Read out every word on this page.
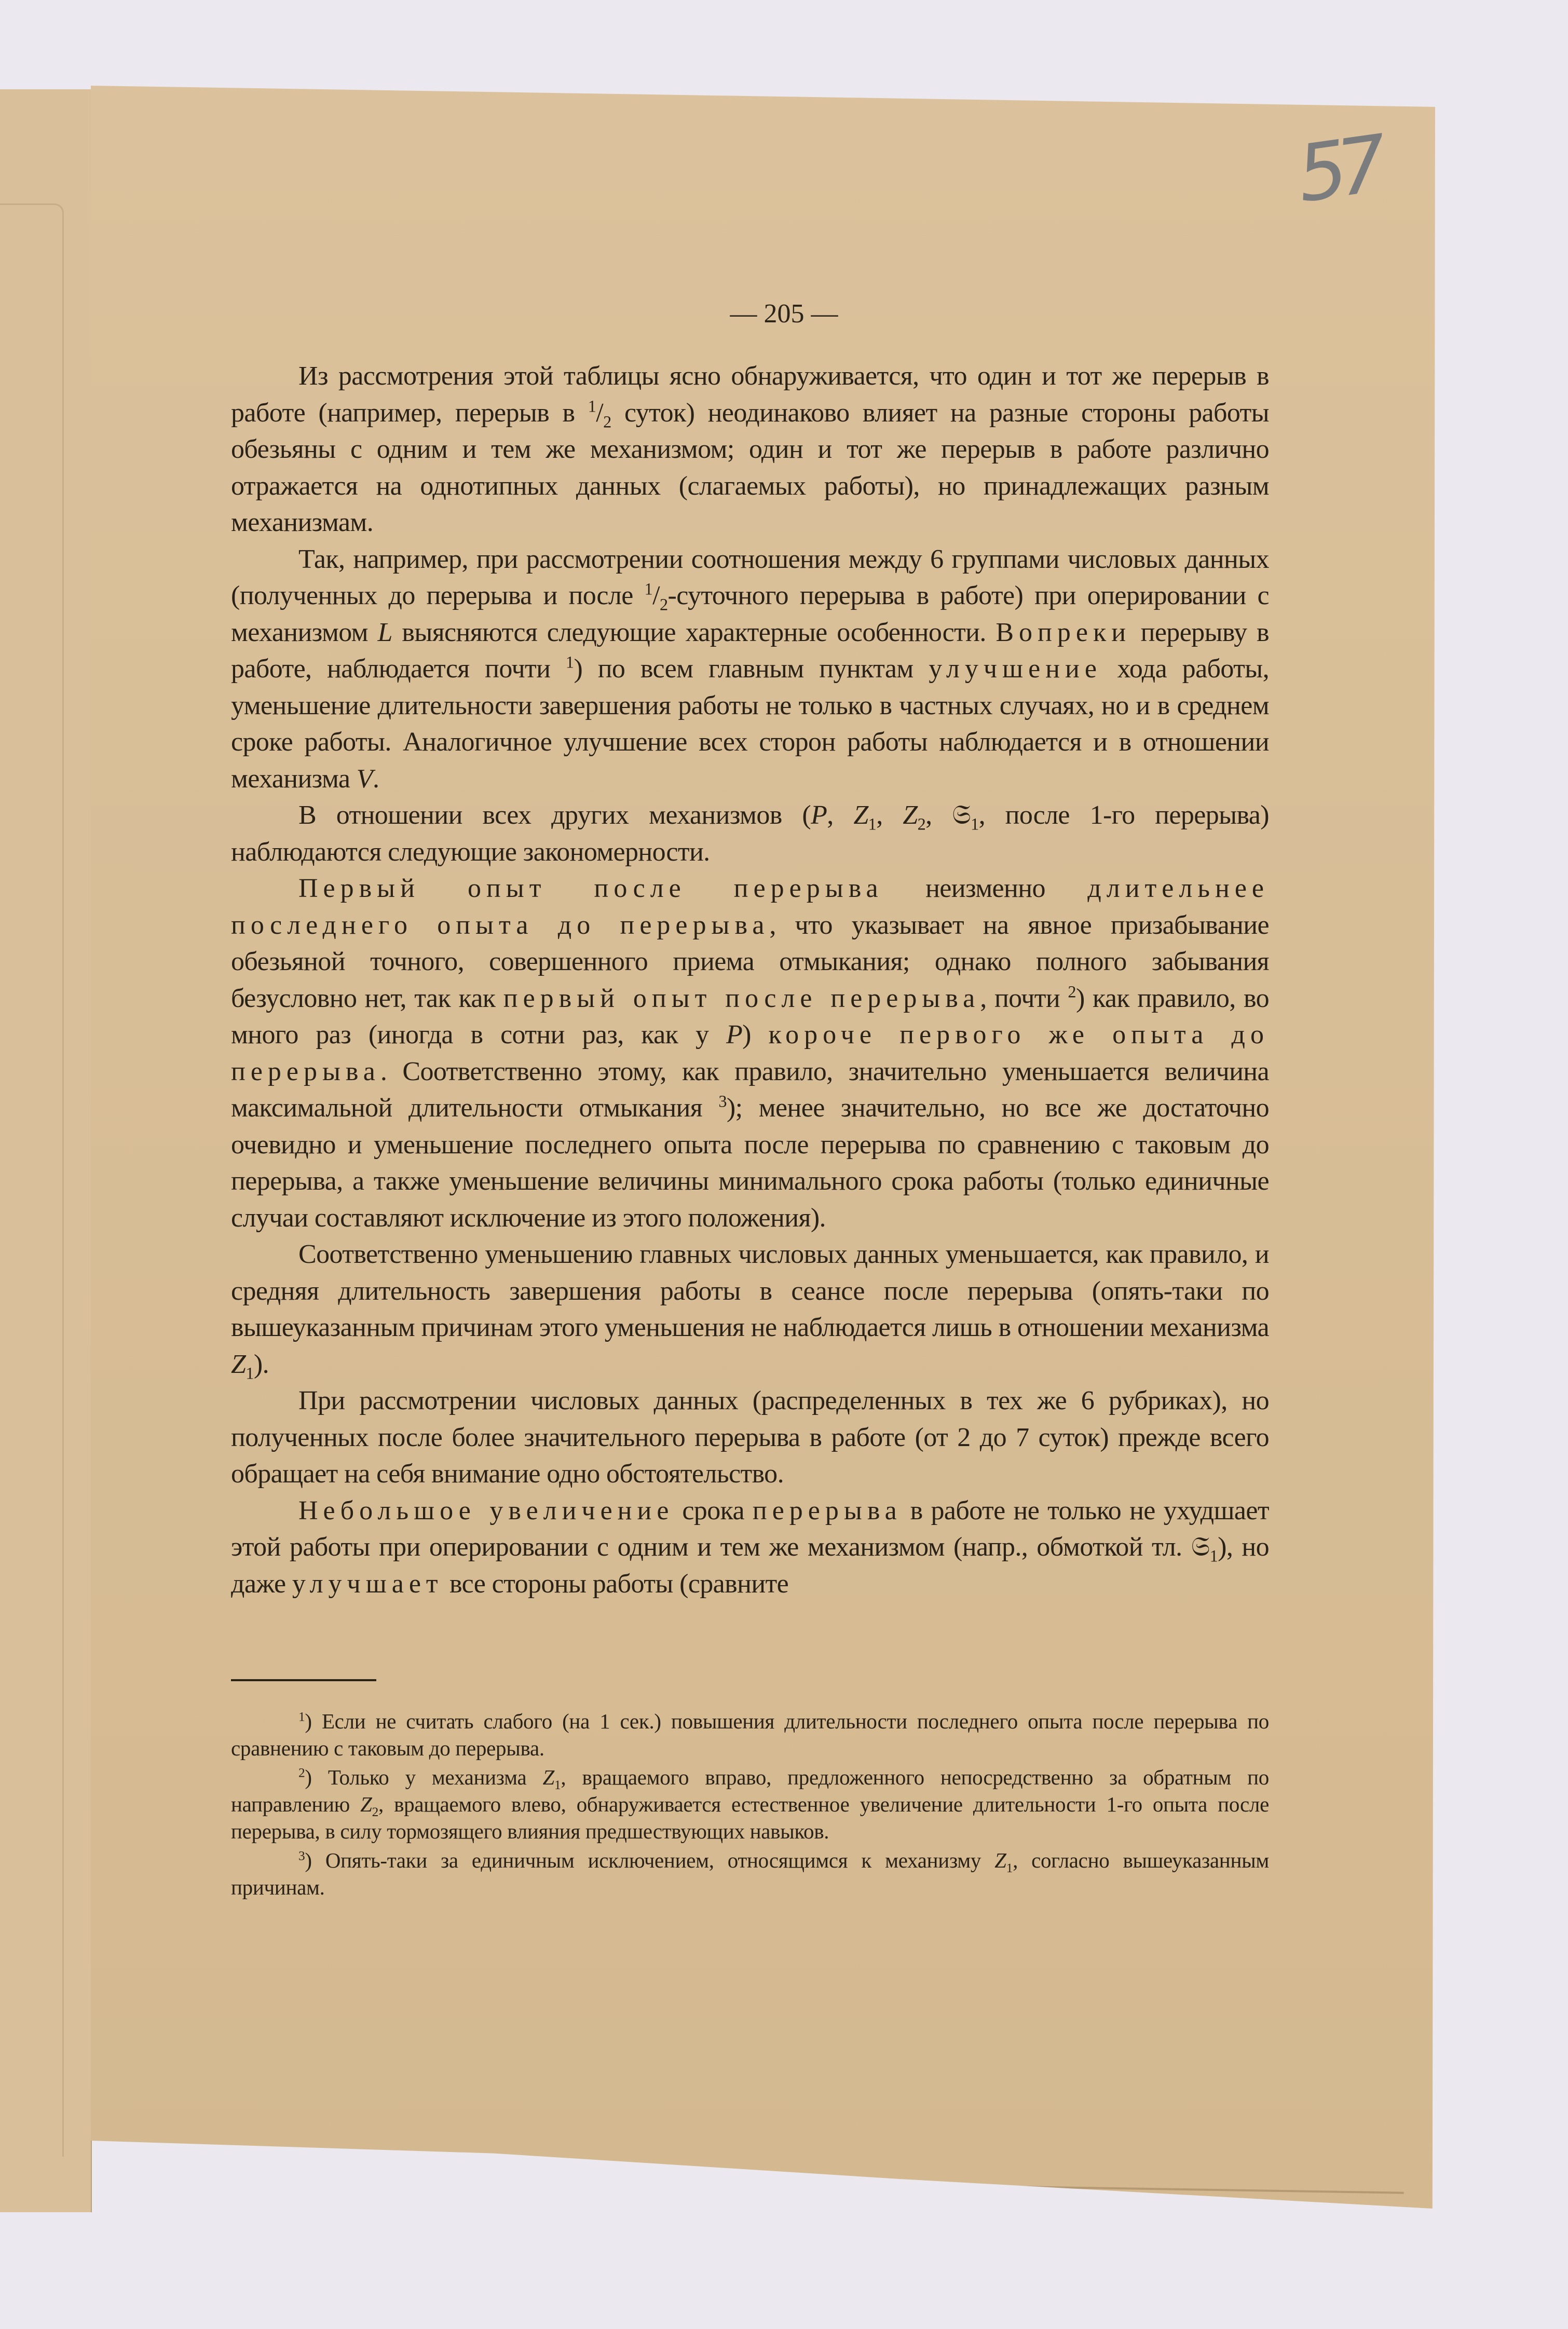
57
— 205 —

Из рассмотрения этой таблицы ясно обнаруживается, что один и тот же перерыв в работе (например, перерыв в $^1/_2$ суток) неодинаково влияет на разные стороны работы обезьяны с одним и тем же механизмом; один и тот же перерыв в работе различно отражается на однотипных данных (слагаемых работы), но принадлежащих разным механизмам.

Так, например, при рассмотрении соотношения между 6 группами числовых данных (полученных до перерыва и после $^1/_2$-суточного перерыва в работе) при оперировании с механизмом L выясняются следующие характерные особенности. Вопреки перерыву в работе, наблюдается почти $^1$) по всем главным пунктам улучшение хода работы, уменьшение длительности завершения работы не только в частных случаях, но и в среднем сроке работы. Аналогичное улучшение всех сторон работы наблюдается и в отношении механизма V.

В отношении всех других механизмов (P, $Z_1$, $Z_2$, 𝔖$_1$, после 1-го перерыва) наблюдаются следующие закономерности.

Первый опыт после перерыва неизменно длительнее последнего опыта до перерыва, что указывает на явное призабывание обезьяной точного, совершенного приема отмыкания; однако полного забывания безусловно нет, так как первый опыт после перерыва, почти $^2$) как правило, во много раз (иногда в сотни раз, как у P) короче первого же опыта до перерыва. Соответственно этому, как правило, значительно уменьшается величина максимальной длительности отмыкания $^3$); менее значительно, но все же достаточно очевидно и уменьшение последнего опыта после перерыва по сравнению с таковым до перерыва, а также уменьшение величины минимального срока работы (только единичные случаи составляют исключение из этого положения).

Соответственно уменьшению главных числовых данных уменьшается, как правило, и средняя длительность завершения работы в сеансе после перерыва (опять-таки по вышеуказанным причинам этого уменьшения не наблюдается лишь в отношении механизма $Z_1$).

При рассмотрении числовых данных (распределенных в тех же 6 рубриках), но полученных после более значительного перерыва в работе (от 2 до 7 суток) прежде всего обращает на себя внимание одно обстоятельство.

Небольшое увеличение срока перерыва в работе не только не ухудшает этой работы при оперировании с одним и тем же механизмом (напр., обмоткой тл. 𝔖$_1$), но даже улучшает все стороны работы (сравните

$^1$) Если не считать слабого (на 1 сек.) повышения длительности последнего опыта после перерыва по сравнению с таковым до перерыва.

$^2$) Только у механизма $Z_1$, вращаемого вправо, предложенного непосредственно за обратным по направлению $Z_2$, вращаемого влево, обнаруживается естественное увеличение длительности 1-го опыта после перерыва, в силу тормозящего влияния предшествующих навыков.

$^3$) Опять-таки за единичным исключением, относящимся к механизму $Z_1$, согласно вышеуказанным причинам.
